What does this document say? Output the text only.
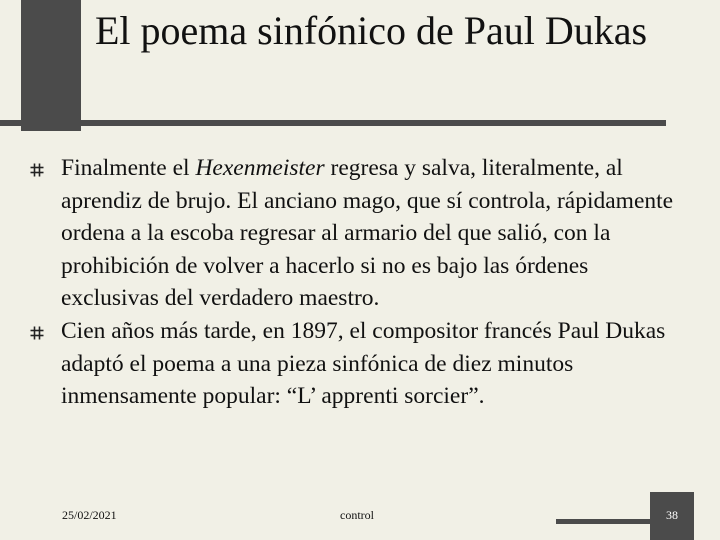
El poema sinfónico de Paul Dukas
Finalmente el Hexenmeister regresa y salva, literalmente, al aprendiz de brujo. El anciano mago, que sí controla, rápidamente ordena a la escoba regresar al armario del que salió, con la prohibición de volver a hacerlo si no es bajo las órdenes exclusivas del verdadero maestro.
Cien años más tarde, en 1897, el compositor francés Paul Dukas adaptó el poema a una pieza sinfónica de diez minutos inmensamente popular: “L’ apprenti sorcier”.
25/02/2021	control	38
